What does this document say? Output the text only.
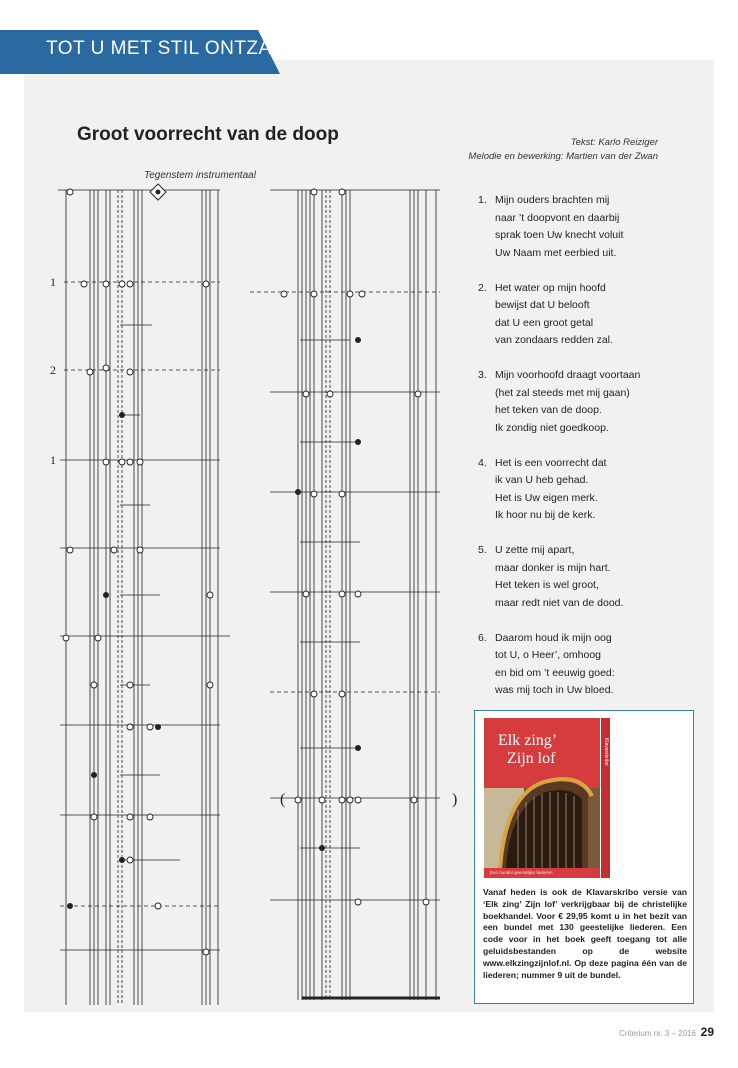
TOT U MET STIL ONTZAG
Groot voorrecht van de doop	Tekst: Karlo Reiziger
Melodie en bewerking: Martien van der Zwan
Tegenstem instrumentaal
1
2
1
(	)
1. Mijn ouders brachten mij
naar ’t doopvont en daarbij
sprak toen Uw knecht voluit
Uw Naam met eerbied uit.
2. Het water op mijn hoofd
bewijst dat U belooft
dat U een groot getal
van zondaars redden zal.
3. Mijn voorhoofd draagt voortaan
(het zal steeds met mij gaan)
het teken van de doop.
Ik zondig niet goedkoop.
4. Het is een voorrecht dat
ik van U heb gehad.
Het is Uw eigen merk.
Ik hoor nu bij de kerk.
5. U zette mij apart,
maar donker is mijn hart.
Het teken is wel groot,
maar redt niet van de dood.
6. Daarom houd ik mijn oog
tot U, o Heer’, omhoog
en bid om ’t eeuwig goed:
was mij toch in Uw bloed.
Elk zing’
Zijn lof
Een bundel geestelijke liederen
Klavarskribo
Vanaf heden is ook de Klavarskribo versie van ‘Elk zing’ Zijn lof’ verkrijgbaar bij de christelijke boekhandel. Voor € 29,95 komt u in het bezit van een bundel met 130 geestelijke liederen. Een code voor in het boek geeft toegang tot alle geluidsbestanden op de website www.elkzingzijnlof.nl. Op deze pagina één van de liederen; nummer 9 uit de bundel.
Criterium nr. 3 – 2016 29
